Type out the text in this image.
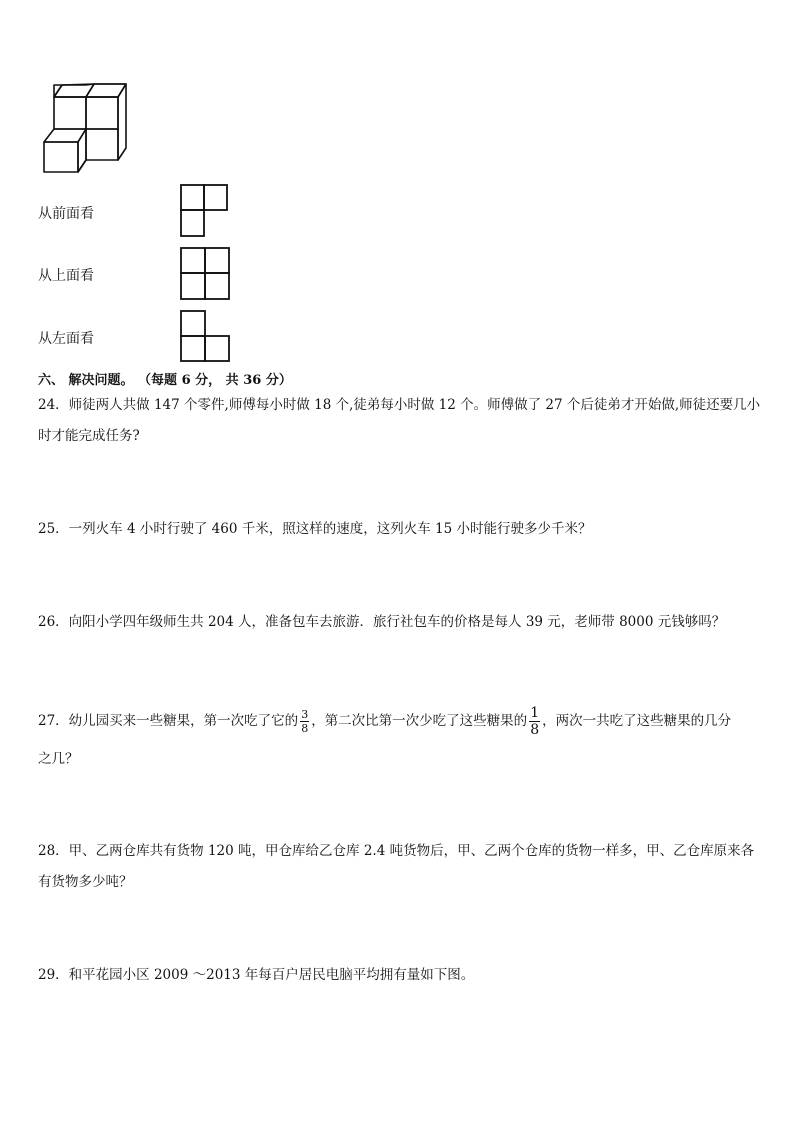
从前面看
从上面看
从左面看
六、 解决问题。 （每题 6 分， 共 36 分）
24．师徒两人共做 147 个零件,师傅每小时做 18 个,徒弟每小时做 12 个。师傅做了 27 个后徒弟才开始做,师徒还要几小
时才能完成任务?
25．一列火车 4 小时行驶了 460 千米，照这样的速度，这列火车 15 小时能行驶多少千米？
26．向阳小学四年级师生共 204 人，准备包车去旅游．旅行社包车的价格是每人 39 元，老师带 8000 元钱够吗？
27．幼儿园买来一些糖果，第一次吃了它的 $\frac{3}{8}$ ，第二次比第一次少吃了这些糖果的 $\frac{1}{8}$ ，两次一共吃了这些糖果的几分
之几？
28．甲、乙两仓库共有货物 120 吨，甲仓库给乙仓库 2.4 吨货物后，甲、乙两个仓库的货物一样多，甲、乙仓库原来各
有货物多少吨？
29．和平花园小区 2009 ～2013 年每百户居民电脑平均拥有量如下图。
